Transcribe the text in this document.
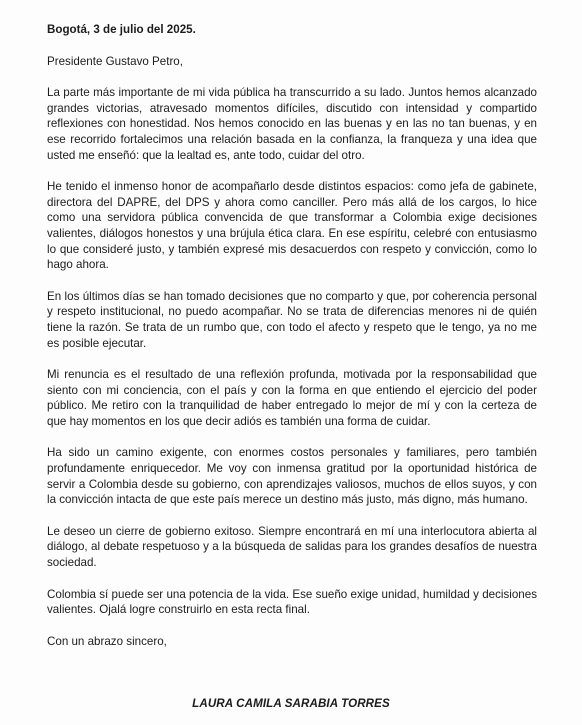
Bogotá, 3 de julio del 2025.

Presidente Gustavo Petro,

La parte más importante de mi vida pública ha transcurrido a su lado. Juntos hemos alcanzado grandes victorias, atravesado momentos difíciles, discutido con intensidad y compartido reflexiones con honestidad. Nos hemos conocido en las buenas y en las no tan buenas, y en ese recorrido fortalecimos una relación basada en la confianza, la franqueza y una idea que usted me enseñó: que la lealtad es, ante todo, cuidar del otro.

He tenido el inmenso honor de acompañarlo desde distintos espacios: como jefa de gabinete, directora del DAPRE, del DPS y ahora como canciller. Pero más allá de los cargos, lo hice como una servidora pública convencida de que transformar a Colombia exige decisiones valientes, diálogos honestos y una brújula ética clara. En ese espíritu, celebré con entusiasmo lo que consideré justo, y también expresé mis desacuerdos con respeto y convicción, como lo hago ahora.

En los últimos días se han tomado decisiones que no comparto y que, por coherencia personal y respeto institucional, no puedo acompañar. No se trata de diferencias menores ni de quién tiene la razón. Se trata de un rumbo que, con todo el afecto y respeto que le tengo, ya no me es posible ejecutar.

Mi renuncia es el resultado de una reflexión profunda, motivada por la responsabilidad que siento con mi conciencia, con el país y con la forma en que entiendo el ejercicio del poder público. Me retiro con la tranquilidad de haber entregado lo mejor de mí y con la certeza de que hay momentos en los que decir adiós es también una forma de cuidar.

Ha sido un camino exigente, con enormes costos personales y familiares, pero también profundamente enriquecedor. Me voy con inmensa gratitud por la oportunidad histórica de servir a Colombia desde su gobierno, con aprendizajes valiosos, muchos de ellos suyos, y con la convicción intacta de que este país merece un destino más justo, más digno, más humano.

Le deseo un cierre de gobierno exitoso. Siempre encontrará en mí una interlocutora abierta al diálogo, al debate respetuoso y a la búsqueda de salidas para los grandes desafíos de nuestra sociedad.

Colombia sí puede ser una potencia de la vida. Ese sueño exige unidad, humildad y decisiones valientes. Ojalá logre construirlo en esta recta final.

Con un abrazo sincero,

LAURA CAMILA SARABIA TORRES
